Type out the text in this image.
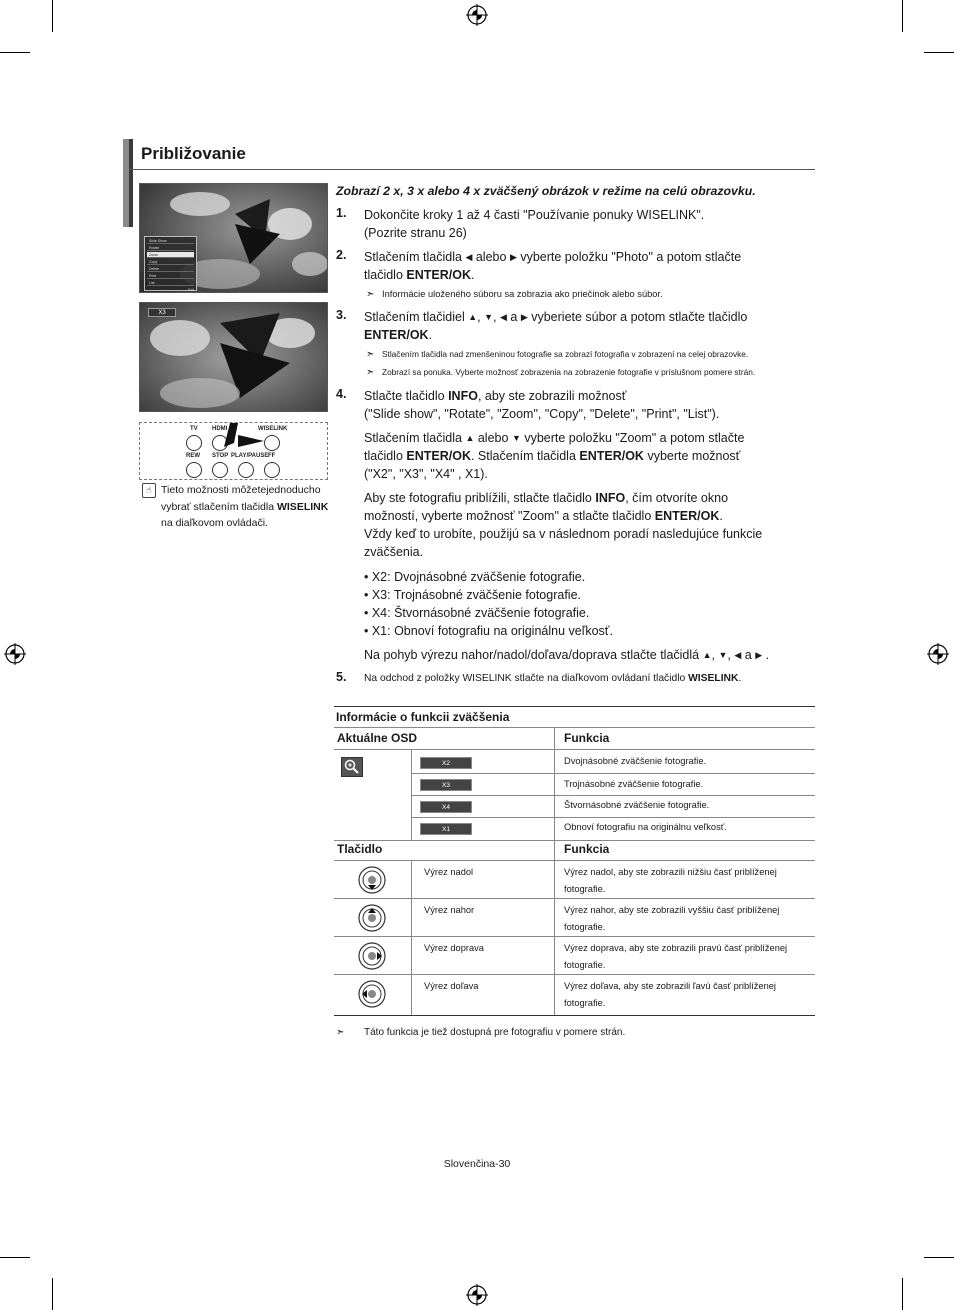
Približovanie
Slide Show
Rotate
Zoom
Copy
Delete
Print
List
Exit
X3
TV HDMI	WISELINK
REW STOP PLAY/PAUSE FF
☝ Tieto možnosti môžetejednoducho
vybrať stlačením tlačidla WISELINK
na diaľkovom ovládači.
Zobrazí 2 x, 3 x alebo 4 x zväčšený obrázok v režime na celú obrazovku.
1. Dokončite kroky 1 až 4 časti "Používanie ponuky WISELINK".
(Pozrite stranu 26)
2. Stlačením tlačidla ◀ alebo ▶ vyberte položku "Photo" a potom stlačte
tlačidlo ENTER/OK.
➣ Informácie uloženého súboru sa zobrazia ako priečinok alebo súbor.
3. Stlačením tlačidiel ▲, ▼, ◀ a ▶ vyberiete súbor a potom stlačte tlačidlo
ENTER/OK.
➣ Stlačením tlačidla nad zmenšeninou fotografie sa zobrazí fotografia v zobrazení na celej obrazovke.
➣ Zobrazí sa ponuka. Vyberte možnosť zobrazenia na zobrazenie fotografie v príslušnom pomere strán.
4. Stlačte tlačidlo INFO, aby ste zobrazili možnosť
("Slide show", "Rotate", "Zoom", "Copy", "Delete", "Print", "List").
Stlačením tlačidla ▲ alebo ▼ vyberte položku "Zoom" a potom stlačte
tlačidlo ENTER/OK. Stlačením tlačidla ENTER/OK vyberte možnosť
("X2", "X3", "X4" , X1).
Aby ste fotografiu priblížili, stlačte tlačidlo INFO, čím otvoríte okno
možností, vyberte možnosť "Zoom" a stlačte tlačidlo ENTER/OK.
Vždy keď to urobíte, použijú sa v následnom poradí nasledujúce funkcie
zväčšenia.
• X2: Dvojnásobné zväčšenie fotografie.
• X3: Trojnásobné zväčšenie fotografie.
• X4: Štvornásobné zväčšenie fotografie.
• X1: Obnoví fotografiu na originálnu veľkosť.
Na pohyb výrezu nahor/nadol/doľava/doprava stlačte tlačidlá ▲, ▼, ◀ a ▶ .
5. Na odchod z položky WISELINK stlačte na diaľkovom ovládaní tlačidlo WISELINK.
Informácie o funkcii zväčšenia
Aktuálne OSD	Funkcia
X2	Dvojnásobné zväčšenie fotografie.
X3	Trojnásobné zväčšenie fotografie.
X4	Štvornásobné zväčšenie fotografie.
X1	Obnoví fotografiu na originálnu veľkosť.
Tlačidlo	Funkcia
Výrez nadol	Výrez nadol, aby ste zobrazili nižšiu časť priblíženej
fotografie.
Výrez nahor	Výrez nahor, aby ste zobrazili vyššiu časť priblíženej
fotografie.
Výrez doprava	Výrez doprava, aby ste zobrazili pravú časť priblíženej
fotografie.
Výrez doľava	Výrez doľava, aby ste zobrazili ľavú časť priblíženej
fotografie.
➣ Táto funkcia je tiež dostupná pre fotografiu v pomere strán.
Slovenčina-30
